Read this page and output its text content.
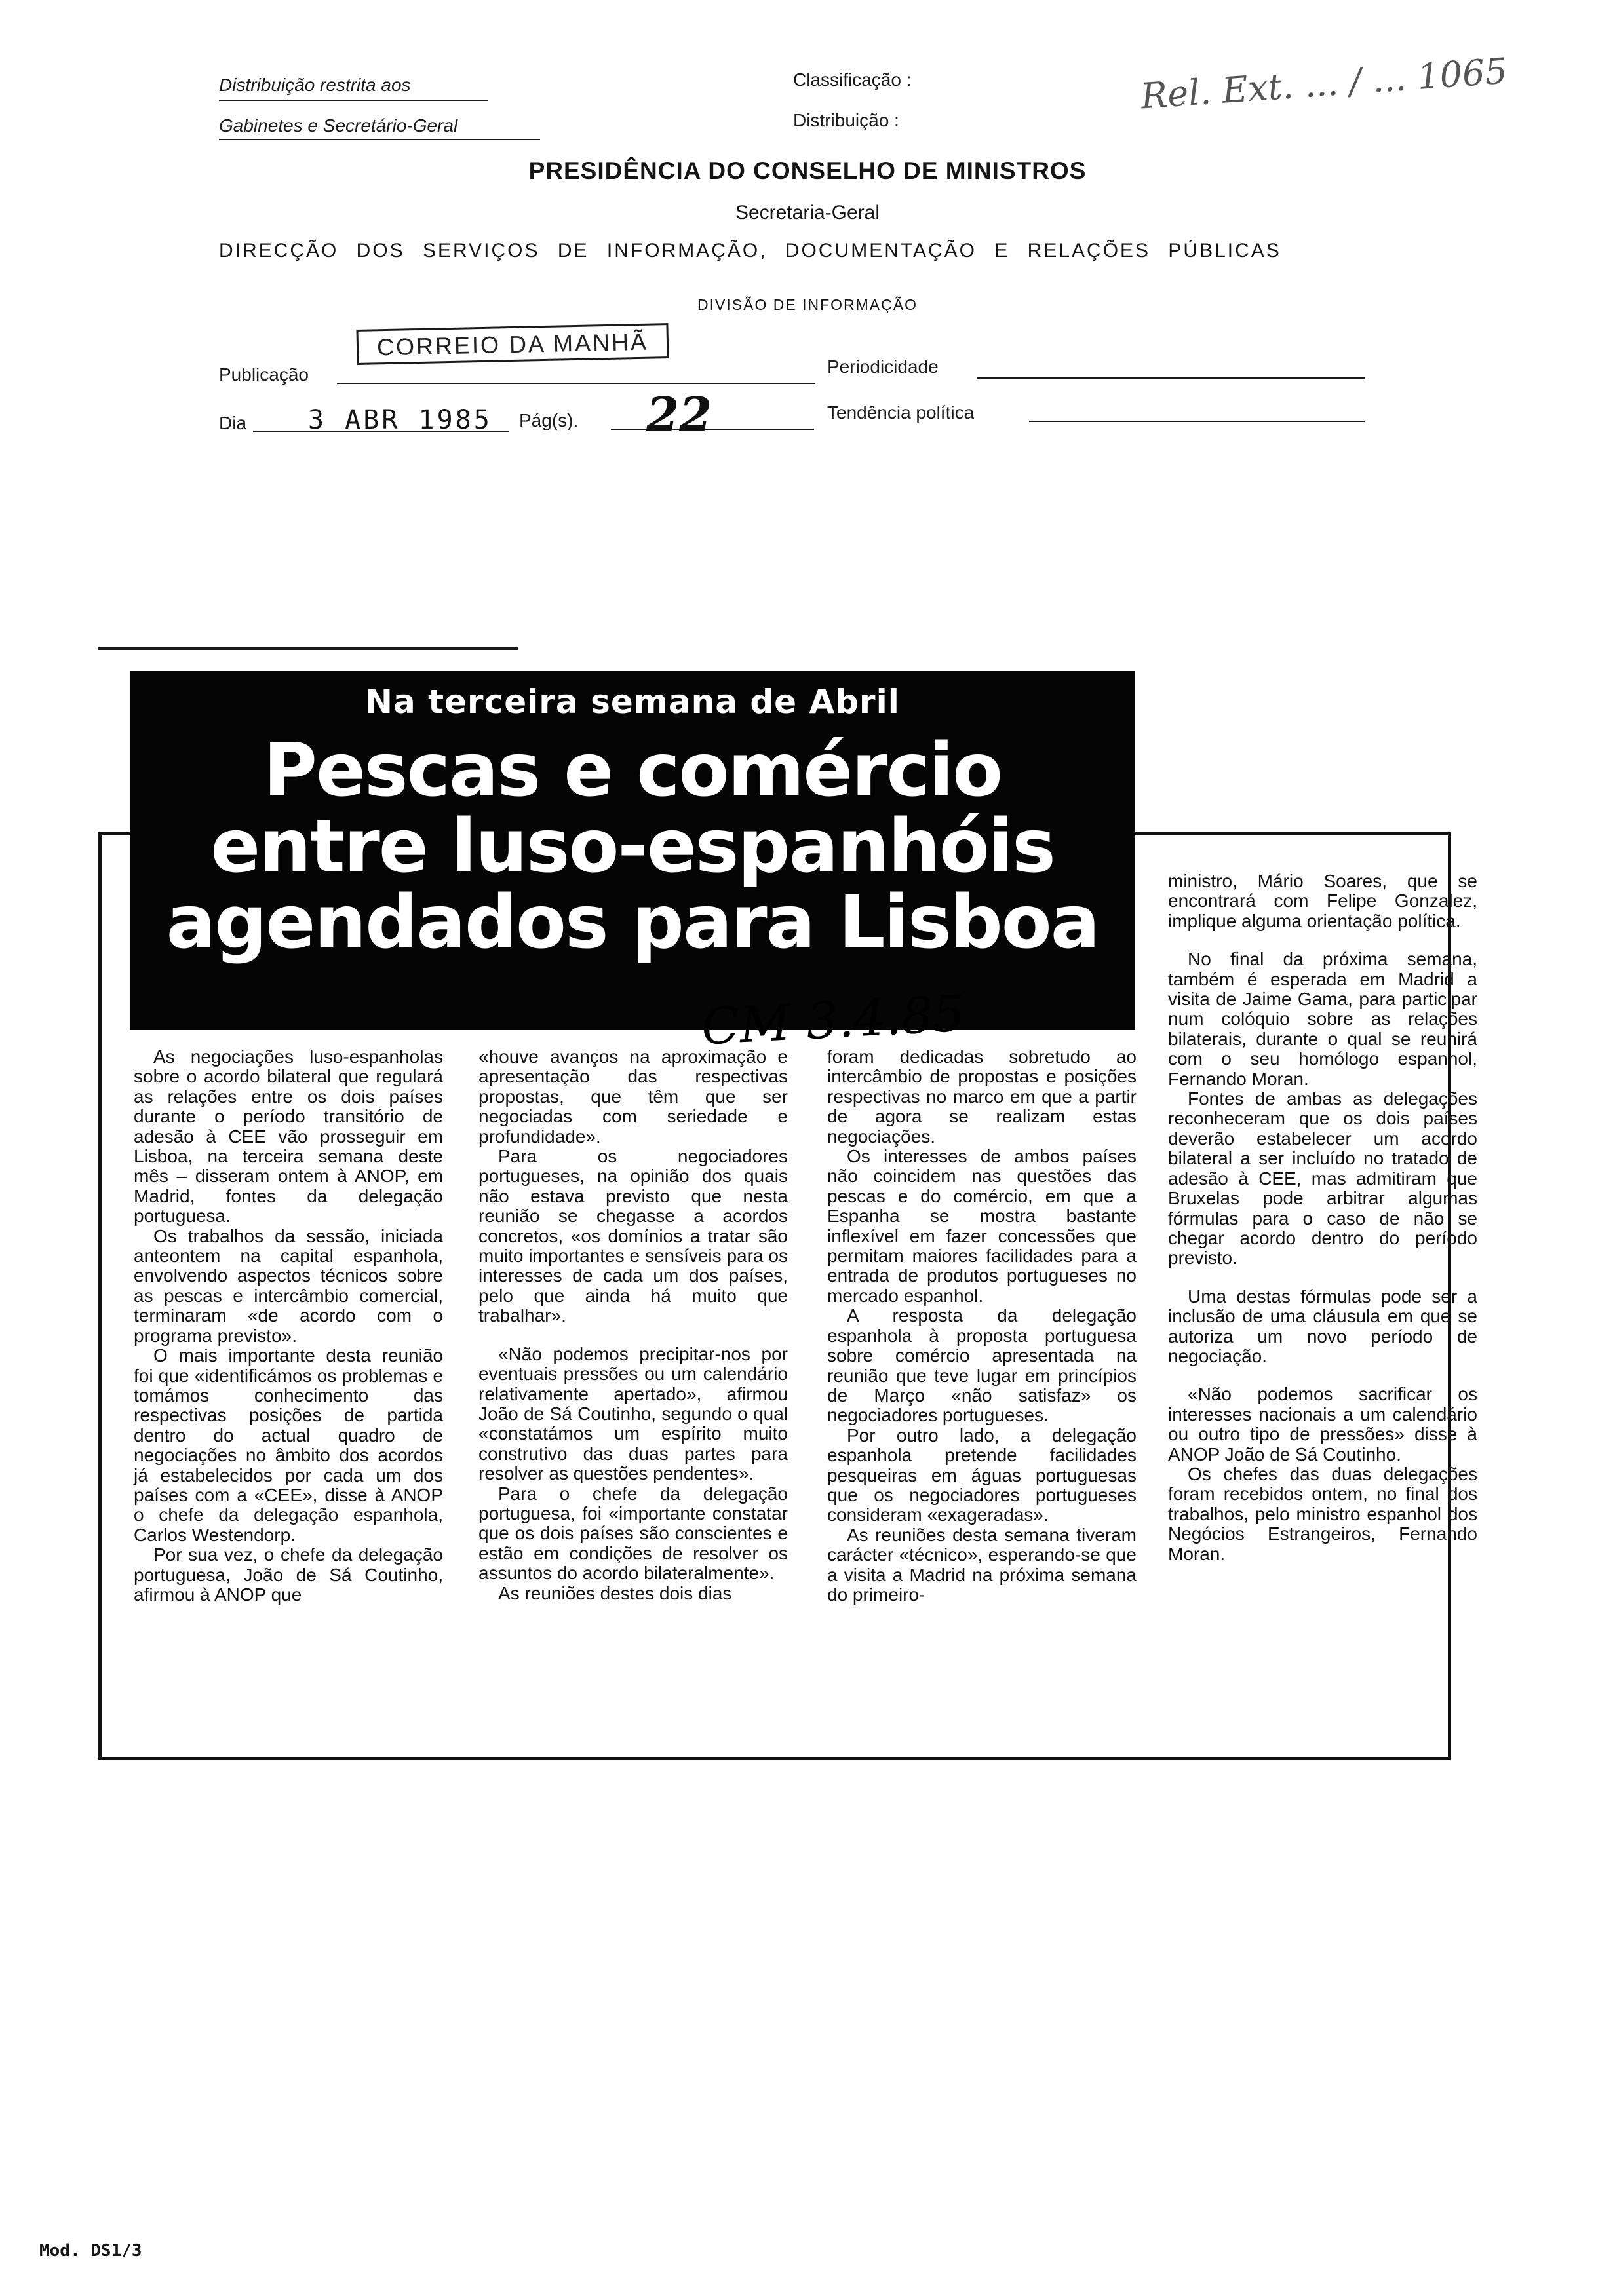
Distribuição restrita aos
Gabinetes e Secretário-Geral
Classificação :
Distribuição :
Rel. Ext. ... / ... 1065
PRESIDÊNCIA DO CONSELHO DE MINISTROS
Secretaria-Geral
DIRECÇÃO DOS SERVIÇOS DE INFORMAÇÃO, DOCUMENTAÇÃO E RELAÇÕES PÚBLICAS
DIVISÃO DE INFORMAÇÃO
Publicação
CORREIO DA MANHÃ
Periodicidade
Dia 3 ABR 1985 Pág(s). 22	Tendência política
Na terceira semana de Abril
Pescas e comércio
entre luso-espanhóis
agendados para Lisboa
CM 3.4.85

As negociações luso-espanholas sobre o acordo bilateral que regulará as relações entre os dois países durante o período transitório de adesão à CEE vão prosseguir em Lisboa, na terceira semana deste mês – disseram ontem à ANOP, em Madrid, fontes da delegação portuguesa.

Os trabalhos da sessão, iniciada anteontem na capital espanhola, envolvendo aspectos técnicos sobre as pescas e intercâmbio comercial, terminaram «de acordo com o programa previsto».

O mais importante desta reunião foi que «identificámos os problemas e tomámos conhecimento das respectivas posições de partida dentro do actual quadro de negociações no âmbito dos acordos já estabelecidos por cada um dos países com a «CEE», disse à ANOP o chefe da delegação espanhola, Carlos Westendorp.

Por sua vez, o chefe da delegação portuguesa, João de Sá Coutinho, afirmou à ANOP que

«houve avanços na aproximação e apresentação das respectivas propostas, que têm que ser negociadas com seriedade e profundidade».

Para os negociadores portugueses, na opinião dos quais não estava previsto que nesta reunião se chegasse a acordos concretos, «os domínios a tratar são muito importantes e sensíveis para os interesses de cada um dos países, pelo que ainda há muito que trabalhar».

«Não podemos precipitar-nos por eventuais pressões ou um calendário relativamente apertado», afirmou João de Sá Coutinho, segundo o qual «constatámos um espírito muito construtivo das duas partes para resolver as questões pendentes».

Para o chefe da delegação portuguesa, foi «importante constatar que os dois países são conscientes e estão em condições de resolver os assuntos do acordo bilateralmente».

As reuniões destes dois dias

foram dedicadas sobretudo ao intercâmbio de propostas e posições respectivas no marco em que a partir de agora se realizam estas negociações.

Os interesses de ambos países não coincidem nas questões das pescas e do comércio, em que a Espanha se mostra bastante inflexível em fazer concessões que permitam maiores facilidades para a entrada de produtos portugueses no mercado espanhol.

A resposta da delegação espanhola à proposta portuguesa sobre comércio apresentada na reunião que teve lugar em princípios de Março «não satisfaz» os negociadores portugueses.

Por outro lado, a delegação espanhola pretende facilidades pesqueiras em águas portuguesas que os negociadores portugueses consideram «exageradas».

As reuniões desta semana tiveram carácter «técnico», esperando-se que a visita a Madrid na próxima semana do primeiro-

ministro, Mário Soares, que se encontrará com Felipe Gonzalez, implique alguma orientação política.

No final da próxima semana, também é esperada em Madrid a visita de Jaime Gama, para participar num colóquio sobre as relações bilaterais, durante o qual se reunirá com o seu homólogo espanhol, Fernando Moran.

Fontes de ambas as delegações reconheceram que os dois países deverão estabelecer um acordo bilateral a ser incluído no tratado de adesão à CEE, mas admitiram que Bruxelas pode arbitrar algumas fórmulas para o caso de não se chegar acordo dentro do período previsto.

Uma destas fórmulas pode ser a inclusão de uma cláusula em que se autoriza um novo período de negociação.

«Não podemos sacrificar os interesses nacionais a um calendário ou outro tipo de pressões» disse à ANOP João de Sá Coutinho.

Os chefes das duas delegações foram recebidos ontem, no final dos trabalhos, pelo ministro espanhol dos Negócios Estrangeiros, Fernando Moran.

Mod. DS1/3
